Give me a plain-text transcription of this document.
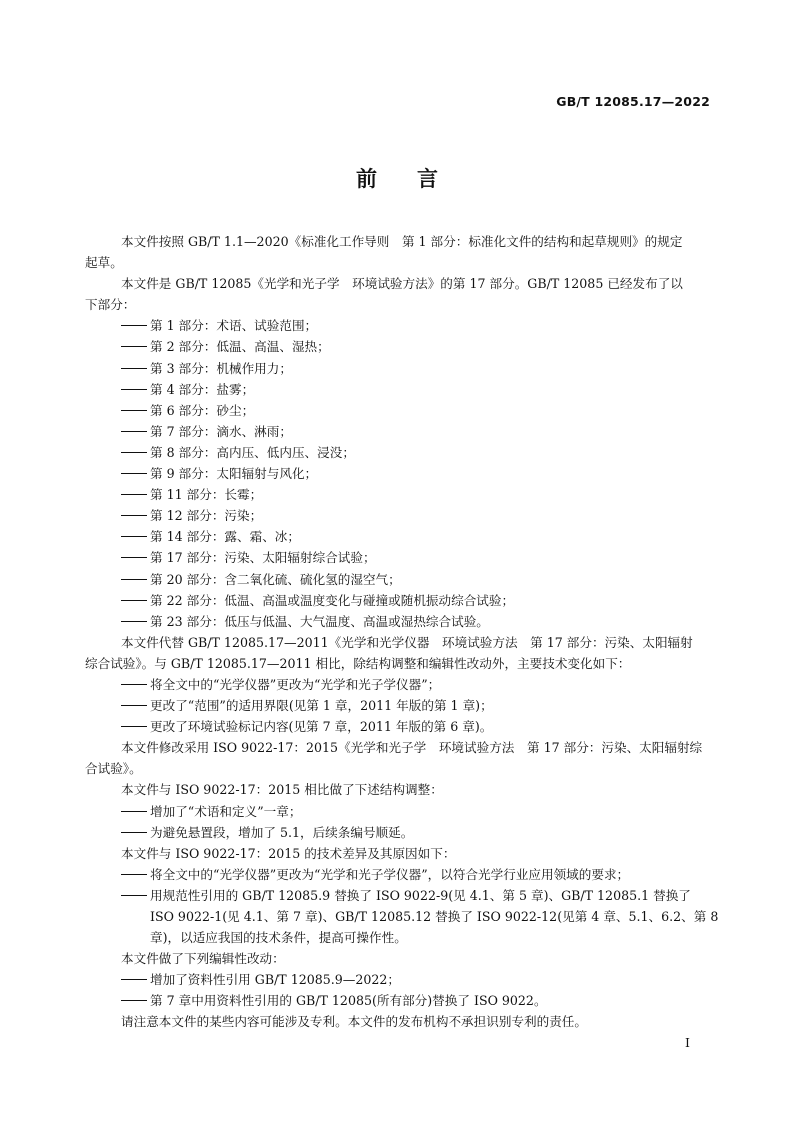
GB/T 12085.17—2022
前言
本文件按照 GB/T 1.1—2020《标准化工作导则　第 1 部分：标准化文件的结构和起草规则》的规定
起草。
本文件是 GB/T 12085《光学和光子学　环境试验方法》的第 17 部分。GB/T 12085 已经发布了以
下部分：
第 1 部分：术语、试验范围；
第 2 部分：低温、高温、湿热；
第 3 部分：机械作用力；
第 4 部分：盐雾；
第 6 部分：砂尘；
第 7 部分：滴水、淋雨；
第 8 部分：高内压、低内压、浸没；
第 9 部分：太阳辐射与风化；
第 11 部分：长霉；
第 12 部分：污染；
第 14 部分：露、霜、冰；
第 17 部分：污染、太阳辐射综合试验；
第 20 部分：含二氧化硫、硫化氢的湿空气；
第 22 部分：低温、高温或温度变化与碰撞或随机振动综合试验；
第 23 部分：低压与低温、大气温度、高温或湿热综合试验。
本文件代替 GB/T 12085.17—2011《光学和光学仪器　环境试验方法　第 17 部分：污染、太阳辐射
综合试验》。与 GB/T 12085.17—2011 相比，除结构调整和编辑性改动外，主要技术变化如下：
将全文中的“光学仪器”更改为“光学和光子学仪器”；
更改了“范围”的适用界限(见第 1 章，2011 年版的第 1 章)；
更改了环境试验标记内容(见第 7 章，2011 年版的第 6 章)。
本文件修改采用 ISO 9022-17：2015《光学和光子学　环境试验方法　第 17 部分：污染、太阳辐射综
合试验》。
本文件与 ISO 9022-17：2015 相比做了下述结构调整：
增加了“术语和定义”一章；
为避免悬置段，增加了 5.1，后续条编号顺延。
本文件与 ISO 9022-17：2015 的技术差异及其原因如下：
将全文中的“光学仪器”更改为“光学和光子学仪器”，以符合光学行业应用领域的要求；
用规范性引用的 GB/T 12085.9 替换了 ISO 9022-9(见 4.1、第 5 章)、GB/T 12085.1 替换了
ISO 9022-1(见 4.1、第 7 章)、GB/T 12085.12 替换了 ISO 9022-12(见第 4 章、5.1、6.2、第 8
章)，以适应我国的技术条件，提高可操作性。
本文件做了下列编辑性改动：
增加了资料性引用 GB/T 12085.9—2022；
第 7 章中用资料性引用的 GB/T 12085(所有部分)替换了 ISO 9022。
请注意本文件的某些内容可能涉及专利。本文件的发布机构不承担识别专利的责任。
I
